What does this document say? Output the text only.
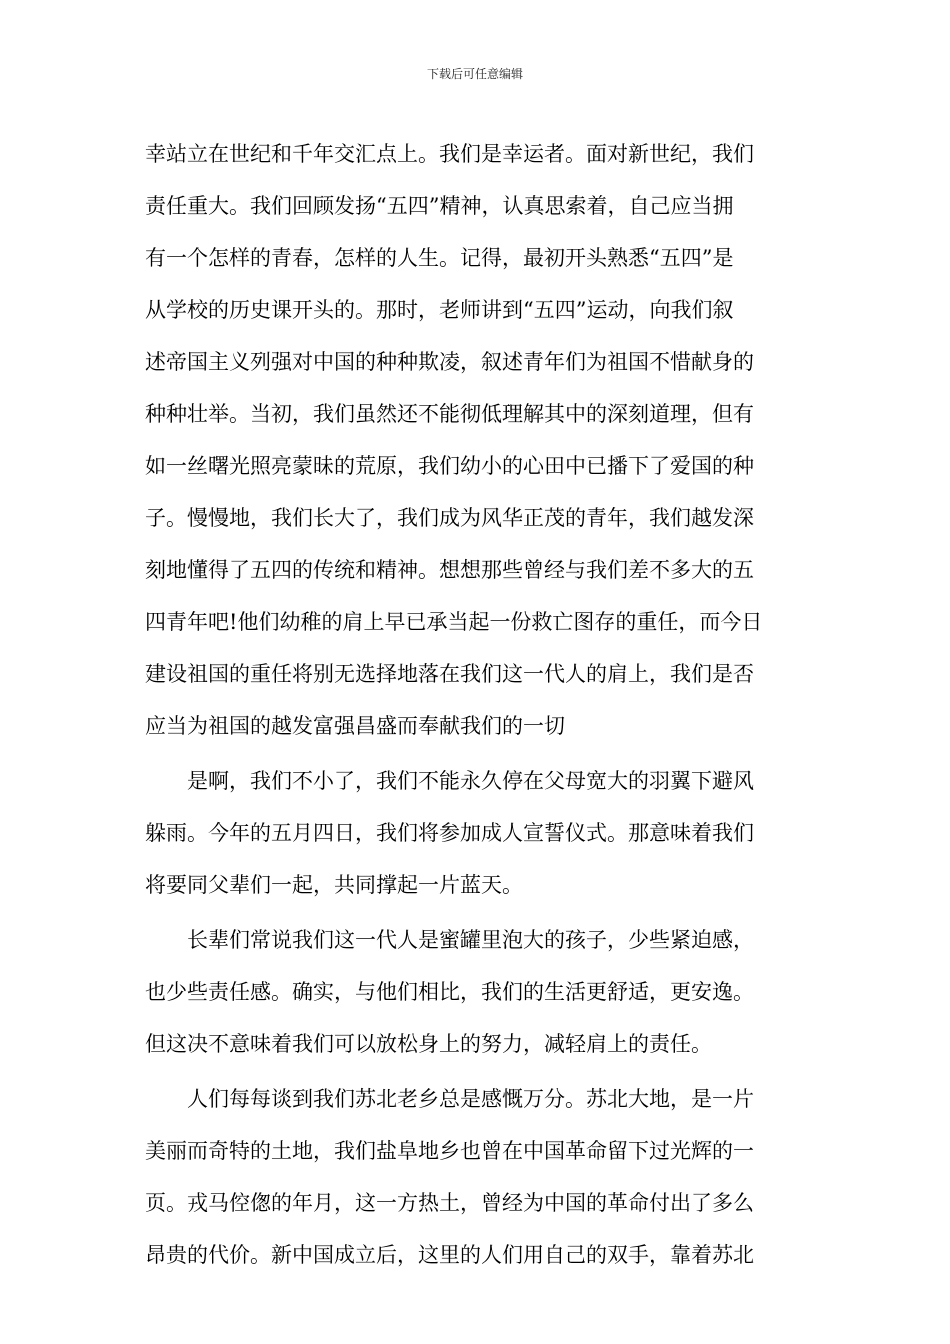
下载后可任意编辑
幸站立在世纪和千年交汇点上。我们是幸运者。面对新世纪，我们
责任重大。我们回顾发扬“五四”精神，认真思索着，自己应当拥
有一个怎样的青春，怎样的人生。记得，最初开头熟悉“五四”是
从学校的历史课开头的。那时，老师讲到“五四”运动，向我们叙
述帝国主义列强对中国的种种欺凌，叙述青年们为祖国不惜献身的
种种壮举。当初，我们虽然还不能彻低理解其中的深刻道理，但有
如一丝曙光照亮蒙昧的荒原，我们幼小的心田中已播下了爱国的种
子。慢慢地，我们长大了，我们成为风华正茂的青年，我们越发深
刻地懂得了五四的传统和精神。想想那些曾经与我们差不多大的五
四青年吧!他们幼稚的肩上早已承当起一份救亡图存的重任，而今日
建设祖国的重任将别无选择地落在我们这一代人的肩上，我们是否
应当为祖国的越发富强昌盛而奉献我们的一切
是啊，我们不小了，我们不能永久停在父母宽大的羽翼下避风
躲雨。今年的五月四日，我们将参加成人宣誓仪式。那意味着我们
将要同父辈们一起，共同撑起一片蓝天。
长辈们常说我们这一代人是蜜罐里泡大的孩子，少些紧迫感，
也少些责任感。确实，与他们相比，我们的生活更舒适，更安逸。
但这决不意味着我们可以放松身上的努力，减轻肩上的责任。
人们每每谈到我们苏北老乡总是感慨万分。苏北大地，是一片
美丽而奇特的土地，我们盐阜地乡也曾在中国革命留下过光辉的一
页。戎马倥偬的年月，这一方热土，曾经为中国的革命付出了多么
昂贵的代价。新中国成立后，这里的人们用自己的双手，靠着苏北
